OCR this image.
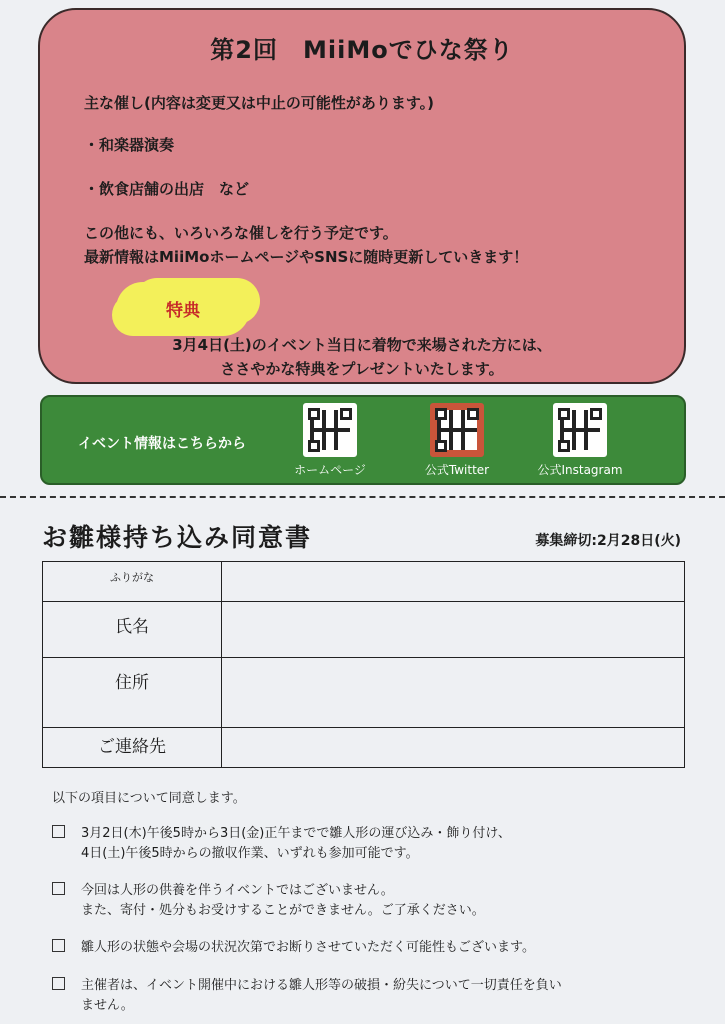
第2回　MiiMoでひな祭り
主な催し(内容は変更又は中止の可能性があります。)
・和楽器演奏
・飲食店舗の出店　など
この他にも、いろいろな催しを行う予定です。
最新情報はMiiMoホームページやSNSに随時更新していきます！
特典
3月4日(土)のイベント当日に着物で来場された方には、
ささやかな特典をプレゼントいたします。
イベント情報はこちらから
ホームページ	公式Twitter	公式Instagram
お雛様持ち込み同意書	募集締切:2月28日(火)
ふりがな	
氏名	
住所	
ご連絡先	
以下の項目について同意します。
3月2日(木)午後5時から3日(金)正午までで雛人形の運び込み・飾り付け、
4日(土)午後5時からの撤収作業、いずれも参加可能です。
今回は人形の供養を伴うイベントではございません。
また、寄付・処分もお受けすることができません。ご了承ください。
雛人形の状態や会場の状況次第でお断りさせていただく可能性もございます。
主催者は、イベント開催中における雛人形等の破損・紛失について一切責任を負い
ません。
